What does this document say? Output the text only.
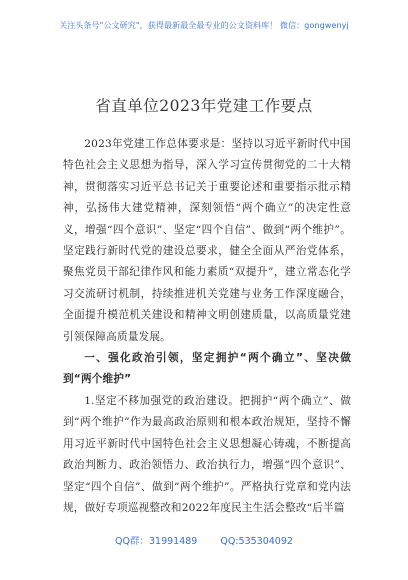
关注头条号"公文研究"，获得最新最全最专业的公文资料库！ 微信：gongwenyj
省直单位2023年党建工作要点

2023年党建工作总体要求是：坚持以习近平新时代中国特色社会主义思想为指导，深入学习宣传贯彻党的二十大精神，贯彻落实习近平总书记关于重要论述和重要指示批示精神，弘扬伟大建党精神，深刻领悟“两个确立”的决定性意义，增强“四个意识”、坚定“四个自信”、做到“两个维护”。坚定践行新时代党的建设总要求，健全全面从严治党体系，聚焦党员干部纪律作风和能力素质“双提升”，建立常态化学习交流研讨机制，持续推进机关党建与业务工作深度融合，全面提升模范机关建设和精神文明创建质量，以高质量党建引领保障高质量发展。

一、强化政治引领，坚定拥护“两个确立”、坚决做到“两个维护”

1.坚定不移加强党的政治建设。把拥护“两个确立”、做到“两个维护”作为最高政治原则和根本政治规矩，坚持不懈用习近平新时代中国特色社会主义思想凝心铸魂，不断提高政治判断力、政治领悟力、政治执行力，增强“四个意识”、坚定“四个自信”、做到“两个维护”。严格执行党章和党内法规，做好专项巡视整改和2022年度民主生活会整改“后半篇

QQ群：31991489 QQ:535304092
